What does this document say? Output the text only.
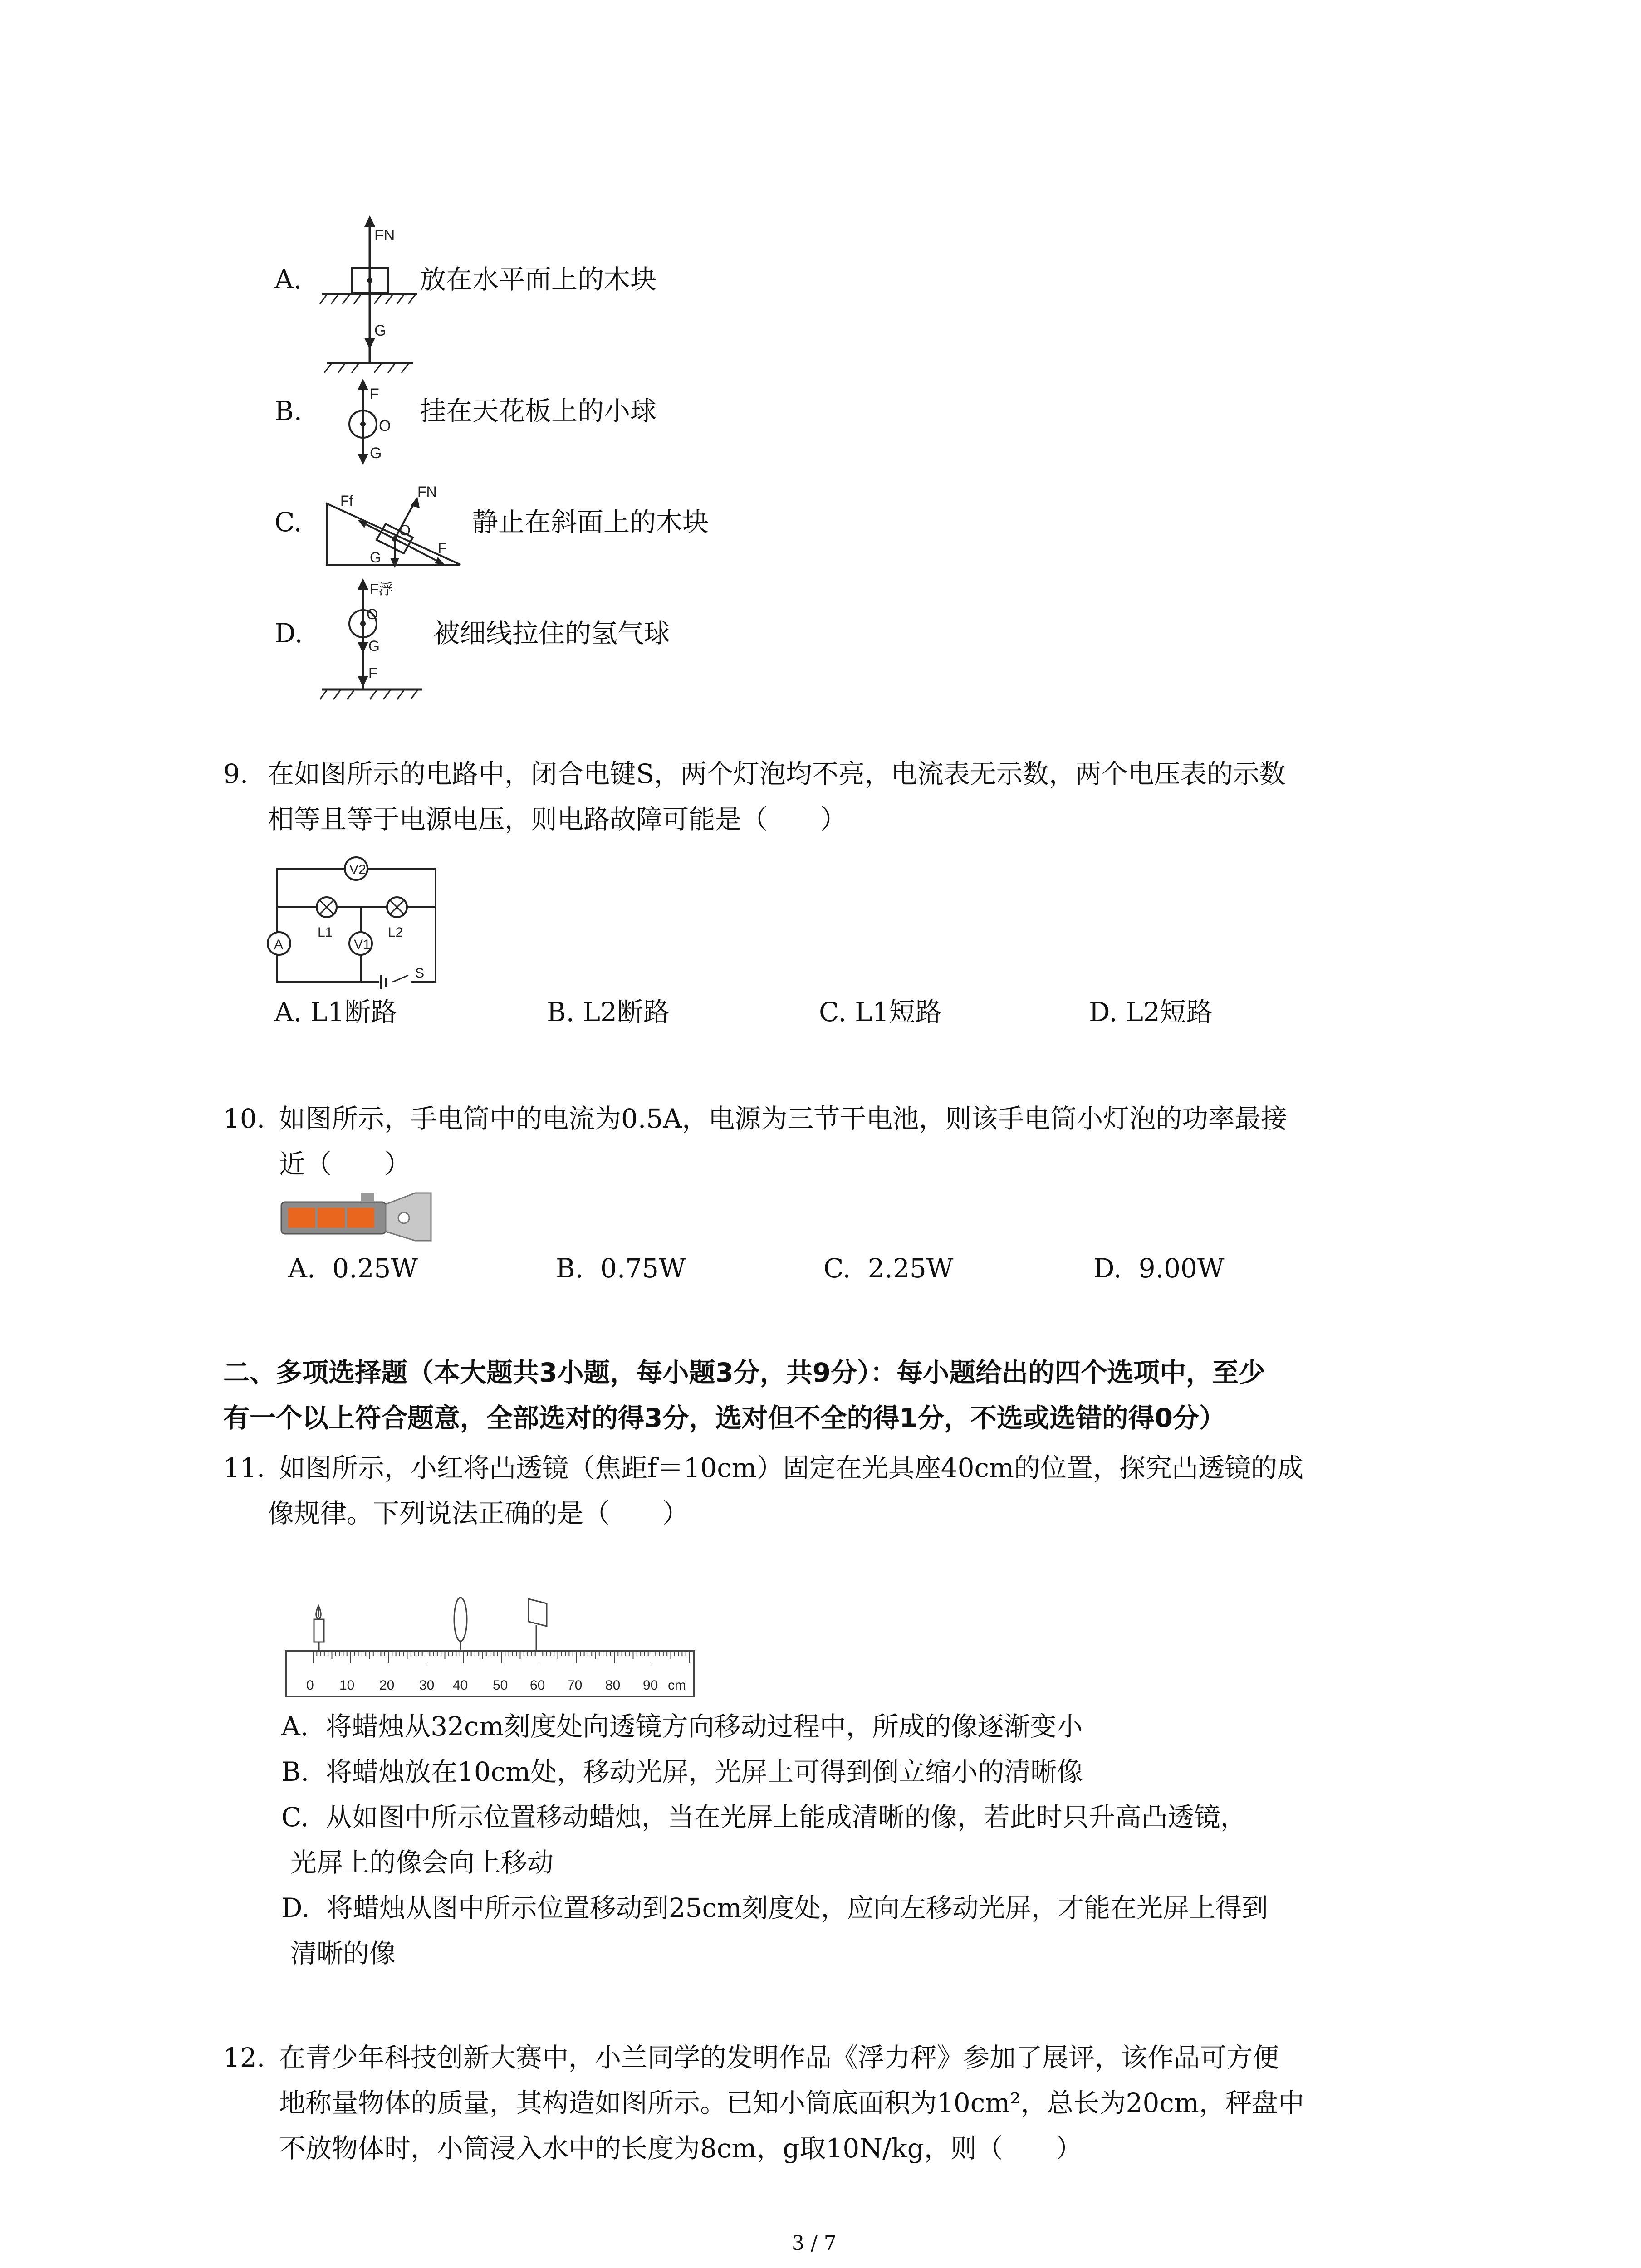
A.
FN
G
放在水平面上的木块
B.
F
O
G
挂在天花板上的小球
C.
Ff
FN
O
G
F
静止在斜面上的木块
D.
F浮
O
G
F
被细线拉住的氢气球
9. 在如图所示的电路中，闭合电键S，两个灯泡均不亮，电流表无示数，两个电压表的示数
相等且等于电源电压，则电路故障可能是（　　）
V2
V1
A
L1	L2
S
A. L1断路	B. L2断路	C. L1短路	D. L2短路
10. 如图所示，手电筒中的电流为0.5A，电源为三节干电池，则该手电筒小灯泡的功率最接
近（　　）
A. 0.25W	B. 0.75W	C. 2.25W	D. 9.00W
二、多项选择题（本大题共3小题，每小题3分，共9分）：每小题给出的四个选项中，至少
有一个以上符合题意，全部选对的得3分，选对但不全的得1分，不选或选错的得0分）
11. 如图所示，小红将凸透镜（焦距f＝10cm）固定在光具座40cm的位置，探究凸透镜的成
像规律。下列说法正确的是（　　）
0 10 20 30 40 50 60 70 80 90 cm
A. 将蜡烛从32cm刻度处向透镜方向移动过程中，所成的像逐渐变小
B. 将蜡烛放在10cm处，移动光屏，光屏上可得到倒立缩小的清晰像
C. 从如图中所示位置移动蜡烛，当在光屏上能成清晰的像，若此时只升高凸透镜，
光屏上的像会向上移动
D. 将蜡烛从图中所示位置移动到25cm刻度处，应向左移动光屏，才能在光屏上得到
清晰的像
12. 在青少年科技创新大赛中，小兰同学的发明作品《浮力秤》参加了展评，该作品可方便
地称量物体的质量，其构造如图所示。已知小筒底面积为10cm²，总长为20cm，秤盘中
不放物体时，小筒浸入水中的长度为8cm，g取10N/kg，则（　　）
3 / 7
